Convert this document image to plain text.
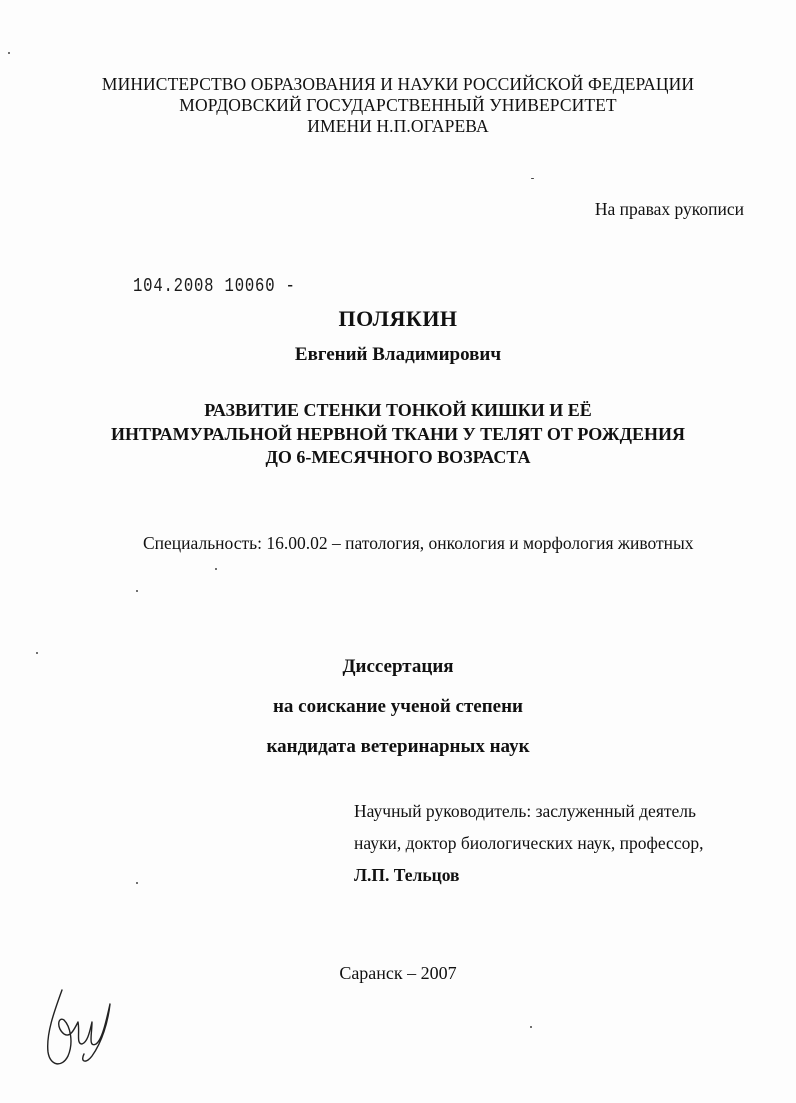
МИНИСТЕРСТВО ОБРАЗОВАНИЯ И НАУКИ РОССИЙСКОЙ ФЕДЕРАЦИИ
МОРДОВСКИЙ ГОСУДАРСТВЕННЫЙ УНИВЕРСИТЕТ
ИМЕНИ Н.П.ОГАРЕВА
На правах рукописи
104.2008 10060 -
ПОЛЯКИН
Евгений Владимирович
РАЗВИТИЕ СТЕНКИ ТОНКОЙ КИШКИ И ЕЁ
ИНТРАМУРАЛЬНОЙ НЕРВНОЙ ТКАНИ У ТЕЛЯТ ОТ РОЖДЕНИЯ
ДО 6-МЕСЯЧНОГО ВОЗРАСТА
Специальность: 16.00.02 – патология, онкология и морфология животных
Диссертация
на соискание ученой степени
кандидата ветеринарных наук
Научный руководитель: заслуженный деятель
науки, доктор биологических наук, профессор,
Л.П. Тельцов
Саранск – 2007
